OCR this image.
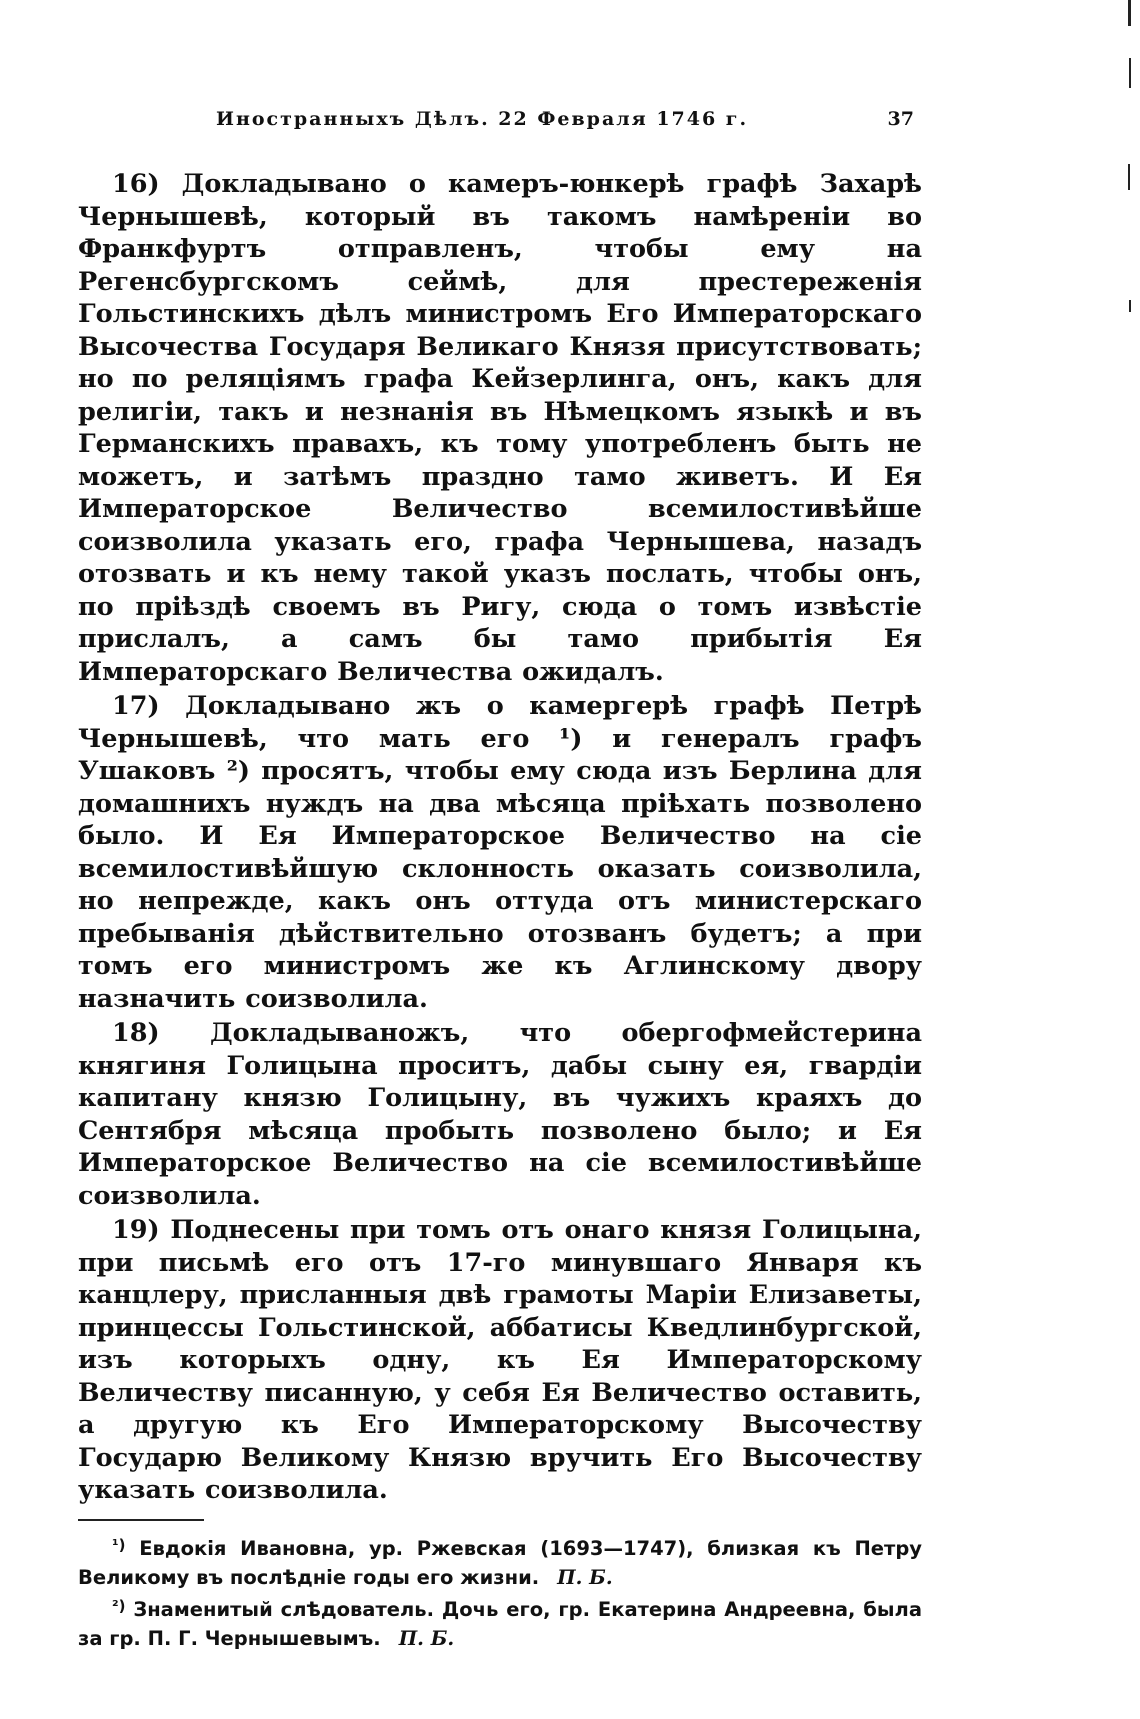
Иностранныхъ Дѣлъ. 22 Февраля 1746 г.	37

16) Докладывано о камеръ-юнкерѣ графѣ Захарѣ Чернышевѣ, который въ такомъ намѣреніи во Франкфуртъ отправленъ, чтобы ему на Регенсбургскомъ сеймѣ, для престереженія Гольстинскихъ дѣлъ министромъ Его Императорскаго Высочества Государя Великаго Князя присутствовать; но по реляціямъ графа Кейзерлинга, онъ, какъ для религіи, такъ и незнанія въ Нѣмецкомъ языкѣ и въ Германскихъ правахъ, къ тому употребленъ быть не можетъ, и затѣмъ праздно тамо живетъ. И Ея Императорское Величество всемилостивѣйше соизволила указать его, графа Чернышева, назадъ отозвать и къ нему такой указъ послать, чтобы онъ, по пріѣздѣ своемъ въ Ригу, сюда о томъ извѣстіе прислалъ, а самъ бы тамо прибытія Ея Императорскаго Величества ожидалъ.

17) Докладывано жъ о камергерѣ графѣ Петрѣ Чернышевѣ, что мать его ¹) и генералъ графъ Ушаковъ ²) просятъ, чтобы ему сюда изъ Берлина для домашнихъ нуждъ на два мѣсяца пріѣхать позволено было. И Ея Императорское Величество на сіе всемилостивѣйшую склонность оказать соизволила, но непрежде, какъ онъ оттуда отъ министерскаго пребыванія дѣйствительно отозванъ будетъ; а при томъ его министромъ же къ Аглинскому двору назначить соизволила.

18) Докладываножъ, что обергофмейстерина княгиня Голицына проситъ, дабы сыну ея, гвардіи капитану князю Голицыну, въ чужихъ краяхъ до Сентября мѣсяца пробыть позволено было; и Ея Императорское Величество на сіе всемилостивѣйше соизволила.

19) Поднесены при томъ отъ онаго князя Голицына, при письмѣ его отъ 17-го минувшаго Января къ канцлеру, присланныя двѣ грамоты Маріи Елизаветы, принцессы Гольстинской, аббатисы Кведлинбургской, изъ которыхъ одну, къ Ея Императорскому Величеству писанную, у себя Ея Величество оставить, а другую къ Его Императорскому Высочеству Государю Великому Князю вручить Его Высочеству указать соизволила.

$^{^1)}$ Евдокія Ивановна, ур. Ржевская (1693—1747), близкая къ Петру Великому въ послѣдніе годы его жизни. П. Б.

$^{^2)}$ Знаменитый слѣдователь. Дочь его, гр. Екатерина Андреевна, была за гр. П. Г. Чернышевымъ. П. Б.
